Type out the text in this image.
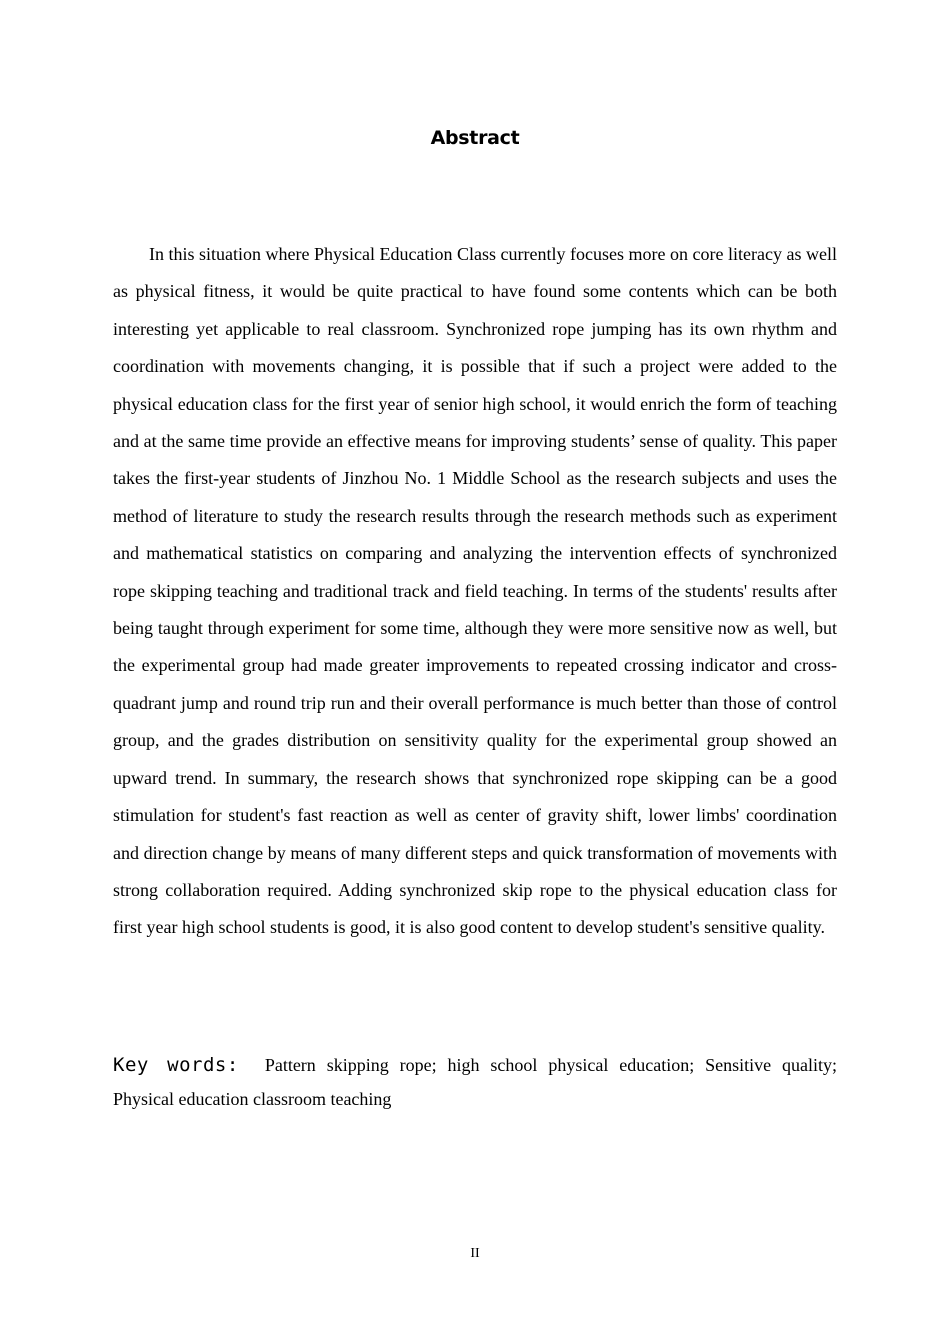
Abstract

In this situation where Physical Education Class currently focuses more on core literacy as well as physical fitness, it would be quite practical to have found some contents which can be both interesting yet applicable to real classroom. Synchronized rope jumping has its own rhythm and coordination with movements changing, it is possible that if such a project were added to the physical education class for the first year of senior high school, it would enrich the form of teaching and at the same time provide an effective means for improving students’ sense of quality. This paper takes the first-year students of Jinzhou No. 1 Middle School as the research subjects and uses the method of literature to study the research results through the research methods such as experiment and mathematical statistics on comparing and analyzing the intervention effects of synchronized rope skipping teaching and traditional track and field teaching. In terms of the students' results after being taught through experiment for some time, although they were more sensitive now as well, but the experimental group had made greater improvements to repeated crossing indicator and cross-quadrant jump and round trip run and their overall performance is much better than those of control group, and the grades distribution on sensitivity quality for the experimental group showed an upward trend. In summary, the research shows that synchronized rope skipping can be a good stimulation for student's fast reaction as well as center of gravity shift, lower limbs' coordination and direction change by means of many different steps and quick transformation of movements with strong collaboration required. Adding synchronized skip rope to the physical education class for first year high school students is good, it is also good content to develop student's sensitive quality.

Key words: Pattern skipping rope; high school physical education; Sensitive quality; Physical education classroom teaching

II
